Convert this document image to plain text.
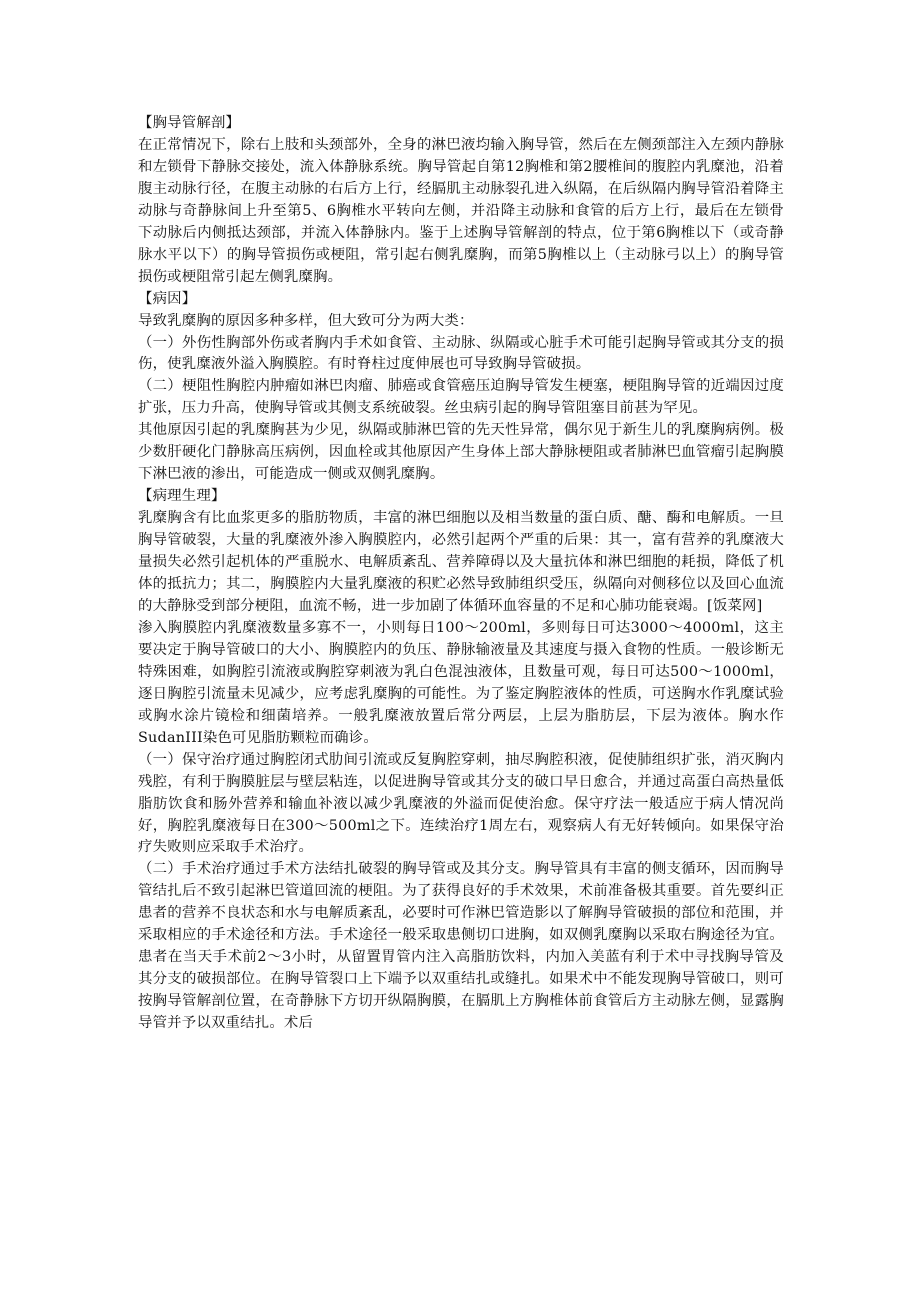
【胸导管解剖】

在正常情况下，除右上肢和头颈部外，全身的淋巴液均输入胸导管，然后在左侧颈部注入左颈内静脉和左锁骨下静脉交接处，流入体静脉系统。胸导管起自第12胸椎和第2腰椎间的腹腔内乳糜池，沿着腹主动脉行径，在腹主动脉的右后方上行，经膈肌主动脉裂孔进入纵隔，在后纵隔内胸导管沿着降主动脉与奇静脉间上升至第5、6胸椎水平转向左侧，并沿降主动脉和食管的后方上行，最后在左锁骨下动脉后内侧抵达颈部，并流入体静脉内。鉴于上述胸导管解剖的特点，位于第6胸椎以下（或奇静脉水平以下）的胸导管损伤或梗阻，常引起右侧乳糜胸，而第5胸椎以上（主动脉弓以上）的胸导管损伤或梗阻常引起左侧乳糜胸。

【病因】

导致乳糜胸的原因多种多样，但大致可分为两大类：

（一）外伤性胸部外伤或者胸内手术如食管、主动脉、纵隔或心脏手术可能引起胸导管或其分支的损伤，使乳糜液外溢入胸膜腔。有时脊柱过度伸展也可导致胸导管破损。

（二）梗阻性胸腔内肿瘤如淋巴肉瘤、肺癌或食管癌压迫胸导管发生梗塞，梗阻胸导管的近端因过度扩张，压力升高，使胸导管或其侧支系统破裂。丝虫病引起的胸导管阻塞目前甚为罕见。

其他原因引起的乳糜胸甚为少见，纵隔或肺淋巴管的先天性异常，偶尔见于新生儿的乳糜胸病例。极少数肝硬化门静脉高压病例，因血栓或其他原因产生身体上部大静脉梗阻或者肺淋巴血管瘤引起胸膜下淋巴液的渗出，可能造成一侧或双侧乳糜胸。

【病理生理】

乳糜胸含有比血浆更多的脂肪物质，丰富的淋巴细胞以及相当数量的蛋白质、醣、酶和电解质。一旦胸导管破裂，大量的乳糜液外渗入胸膜腔内，必然引起两个严重的后果：其一，富有营养的乳糜液大量损失必然引起机体的严重脱水、电解质紊乱、营养障碍以及大量抗体和淋巴细胞的耗损，降低了机体的抵抗力；其二，胸膜腔内大量乳糜液的积贮必然导致肺组织受压，纵隔向对侧移位以及回心血流的大静脉受到部分梗阻，血流不畅，进一步加剧了体循环血容量的不足和心肺功能衰竭。[饭菜网]

渗入胸膜腔内乳糜液数量多寡不一，小则每日100～200ml，多则每日可达3000～4000ml，这主要决定于胸导管破口的大小、胸膜腔内的负压、静脉输液量及其速度与摄入食物的性质。一般诊断无特殊困难，如胸腔引流液或胸腔穿刺液为乳白色混浊液体，且数量可观，每日可达500～1000ml，逐日胸腔引流量未见减少，应考虑乳糜胸的可能性。为了鉴定胸腔液体的性质，可送胸水作乳糜试验或胸水涂片镜检和细菌培养。一般乳糜液放置后常分两层，上层为脂肪层，下层为液体。胸水作SudanIII染色可见脂肪颗粒而确诊。

（一）保守治疗通过胸腔闭式肋间引流或反复胸腔穿刺，抽尽胸腔积液，促使肺组织扩张，消灭胸内残腔，有利于胸膜脏层与壁层粘连，以促进胸导管或其分支的破口早日愈合，并通过高蛋白高热量低脂肪饮食和肠外营养和输血补液以减少乳糜液的外溢而促使治愈。保守疗法一般适应于病人情况尚好，胸腔乳糜液每日在300～500ml之下。连续治疗1周左右，观察病人有无好转倾向。如果保守治疗失败则应采取手术治疗。

（二）手术治疗通过手术方法结扎破裂的胸导管或及其分支。胸导管具有丰富的侧支循环，因而胸导管结扎后不致引起淋巴管道回流的梗阻。为了获得良好的手术效果，术前准备极其重要。首先要纠正患者的营养不良状态和水与电解质紊乱，必要时可作淋巴管造影以了解胸导管破损的部位和范围，并采取相应的手术途径和方法。手术途径一般采取患侧切口进胸，如双侧乳糜胸以采取右胸途径为宜。患者在当天手术前2～3小时，从留置胃管内注入高脂肪饮料，内加入美蓝有利于术中寻找胸导管及其分支的破损部位。在胸导管裂口上下端予以双重结扎或缝扎。如果术中不能发现胸导管破口，则可按胸导管解剖位置，在奇静脉下方切开纵隔胸膜，在膈肌上方胸椎体前食管后方主动脉左侧，显露胸导管并予以双重结扎。术后
